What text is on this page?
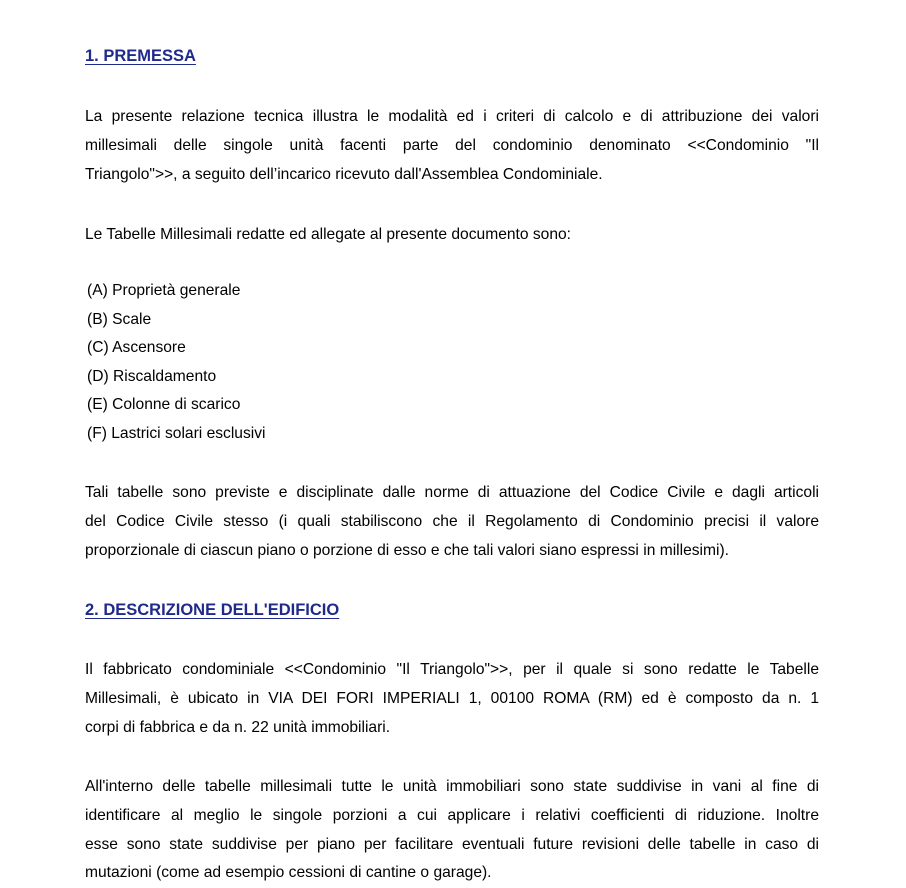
1. PREMESSA

La presente relazione tecnica illustra le modalità ed i criteri di calcolo e di attribuzione dei valori
millesimali delle singole unità facenti parte del condominio denominato <<Condominio "Il
Triangolo">>, a seguito dell’incarico ricevuto dall'Assemblea Condominiale.

Le Tabelle Millesimali redatte ed allegate al presente documento sono:

(A) Proprietà generale
(B) Scale
(C) Ascensore
(D) Riscaldamento
(E) Colonne di scarico
(F) Lastrici solari esclusivi

Tali tabelle sono previste e disciplinate dalle norme di attuazione del Codice Civile e dagli articoli
del Codice Civile stesso (i quali stabiliscono che il Regolamento di Condominio precisi il valore
proporzionale di ciascun piano o porzione di esso e che tali valori siano espressi in millesimi).

2. DESCRIZIONE DELL'EDIFICIO

Il fabbricato condominiale <<Condominio "Il Triangolo">>, per il quale si sono redatte le Tabelle
Millesimali, è ubicato in VIA DEI FORI IMPERIALI 1, 00100 ROMA (RM) ed è composto da n. 1
corpi di fabbrica e da n. 22 unità immobiliari.

All'interno delle tabelle millesimali tutte le unità immobiliari sono state suddivise in vani al fine di
identificare al meglio le singole porzioni a cui applicare i relativi coefficienti di riduzione. Inoltre
esse sono state suddivise per piano per facilitare eventuali future revisioni delle tabelle in caso di
mutazioni (come ad esempio cessioni di cantine o garage).
